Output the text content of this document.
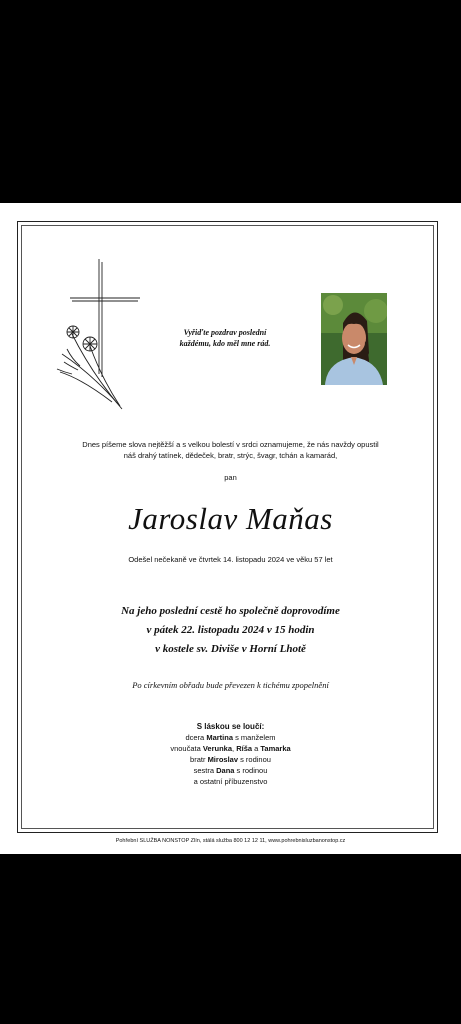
Vyřiďte pozdrav poslední
každému, kdo měl mne rád.
Dnes píšeme slova nejtěžší a s velkou bolestí v srdci oznamujeme, že nás navždy opustil
náš drahý tatínek, dědeček, bratr, strýc, švagr, tchán a kamarád,
pan
Jaroslav Maňas
Odešel nečekaně ve čtvrtek 14. listopadu 2024 ve věku 57 let
Na jeho poslední cestě ho společně doprovodíme
v pátek 22. listopadu 2024 v 15 hodin
v kostele sv. Diviše v Horní Lhotě
Po církevním obřadu bude převezen k tichému zpopelnění
S láskou se loučí:
dcera Martina s manželem
vnoučata Verunka, Ríša a Tamarka
bratr Miroslav s rodinou
sestra Dana s rodinou
a ostatní příbuzenstvo
Pohřební SLUŽBA NONSTOP Zlín, stálá služba 800 12 12 11, www.pohrebnisluzbanonstop.cz
